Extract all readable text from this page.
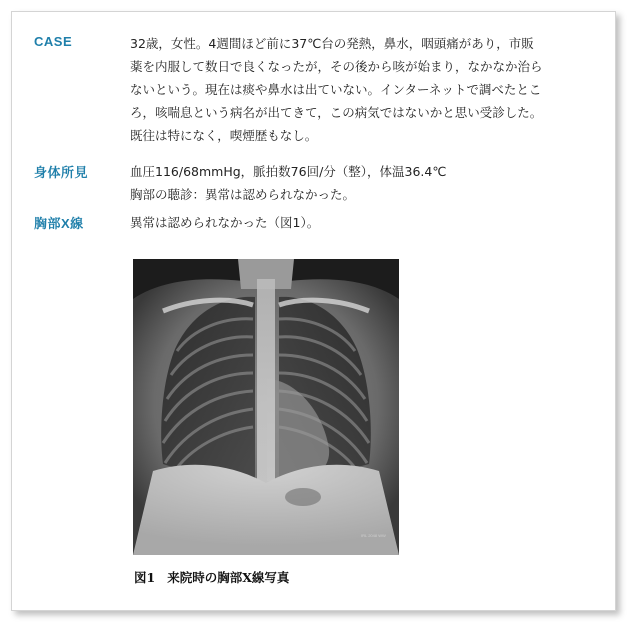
CASE	32歳，女性。4週間ほど前に37℃台の発熱，鼻水，咽頭痛があり，市販
薬を内服して数日で良くなったが，その後から咳が始まり，なかなか治ら
ないという。現在は痰や鼻水は出ていない。インターネットで調べたとこ
ろ，咳喘息という病名が出てきて，この病気ではないかと思い受診した。
既往は特になく，喫煙歴もなし。
身体所見	血圧116/68mmHg，脈拍数76回/分（整），体温36.4℃
胸部の聴診：異常は認められなかった。
胸部X線	異常は認められなかった（図1）。
IRL 2048 WW
図1 来院時の胸部X線写真
